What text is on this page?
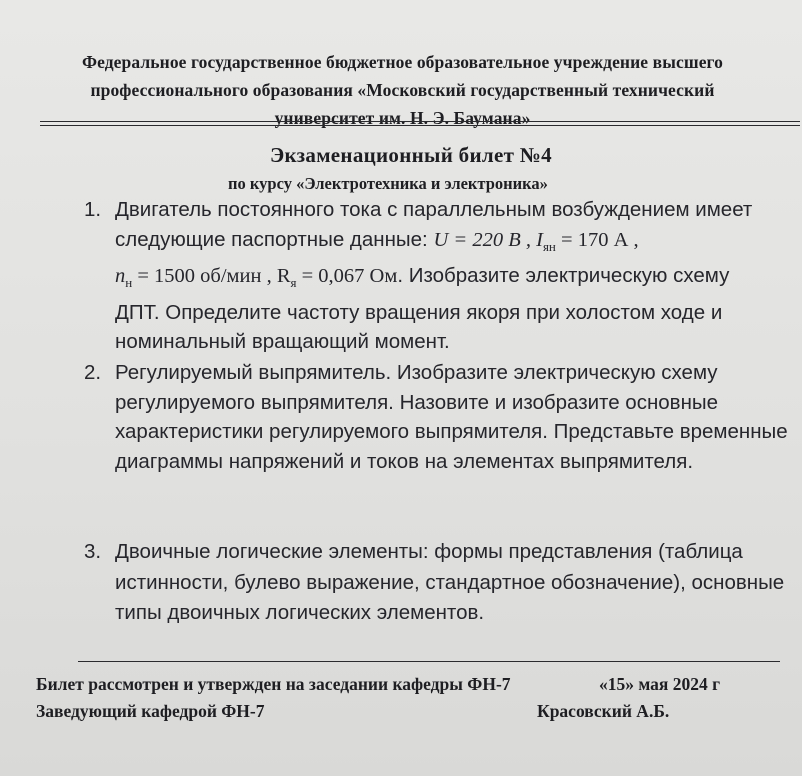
Федеральное государственное бюджетное образовательное учреждение высшего
профессионального образования «Московский государственный технический
университет им. Н. Э. Баумана»
Экзаменационный билет №4
по курсу «Электротехника и электроника»
1. Двигатель постоянного тока с параллельным возбуждением имеет
следующие паспортные данные: U = 220 В , $I_{ян} = 170$ А ,
$n_н = 1500$ об/мин , $R_я = 0,067$ Ом. Изобразите электрическую схему
ДПТ. Определите частоту вращения якоря при холостом ходе и
номинальный вращающий момент.
2. Регулируемый выпрямитель. Изобразите электрическую схему
регулируемого выпрямителя. Назовите и изобразите основные
характеристики регулируемого выпрямителя. Представьте временные
диаграммы напряжений и токов на элементах выпрямителя.
3. Двоичные логические элементы: формы представления (таблица
истинности, булево выражение, стандартное обозначение), основные
типы двоичных логических элементов.
Билет рассмотрен и утвержден на заседании кафедры ФН-7	«15» мая 2024 г
Заведующий кафедрой ФН-7	Красовский А.Б.
